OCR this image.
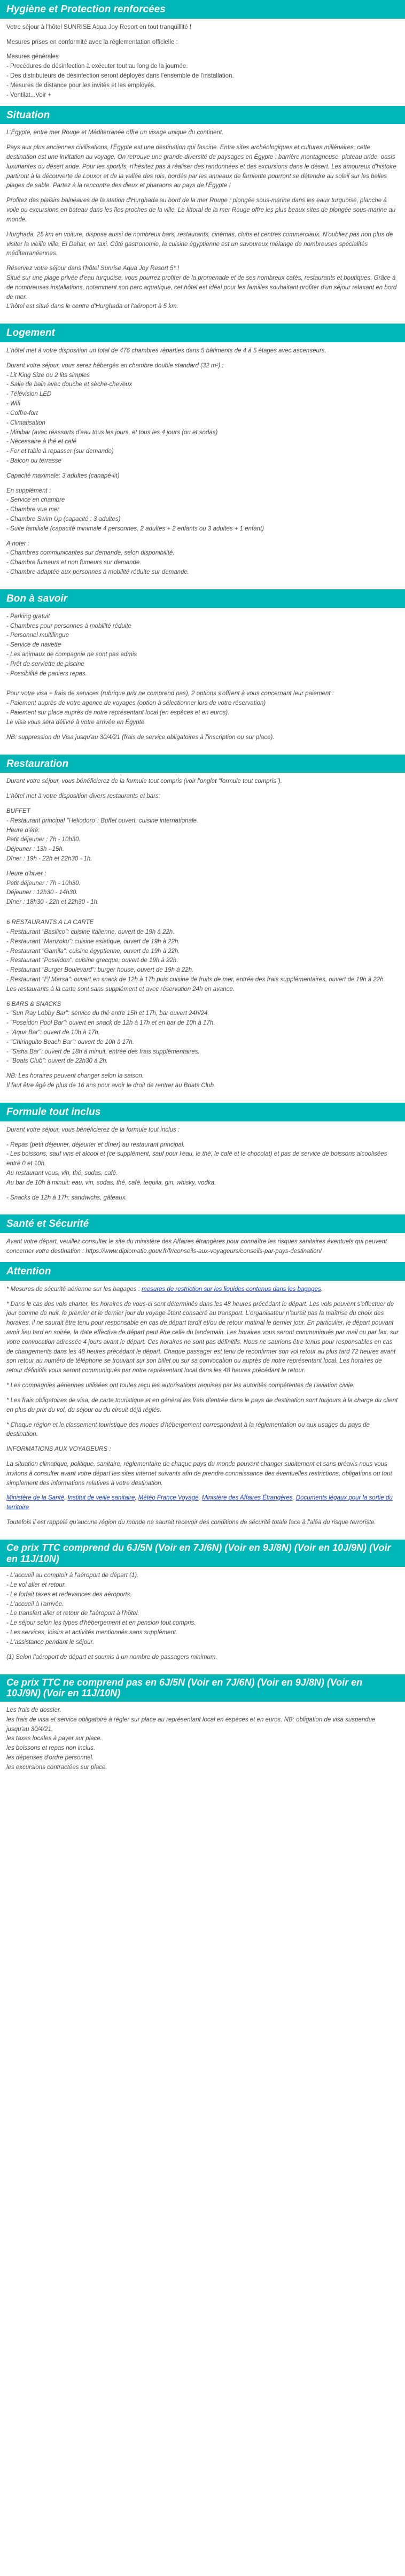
Hygiène et Protection renforcées

Votre séjour à l'hôtel SUNRISE Aqua Joy Resort en tout tranquillité !

Mesures prises en conformité avec la réglementation officielle :

Mesures générales
- Procédures de désinfection à exécuter tout au long de la journée.
- Des distributeurs de désinfection seront déployés dans l'ensemble de l'installation.
- Mesures de distance pour les invités et les employés.
- Ventilat...Voir +
Situation

L'Égypte, entre mer Rouge et Méditerranée offre un visage unique du continent.

Pays aux plus anciennes civilisations, l'Égypte est une destination qui fascine. Entre sites archéologiques et cultures millénaires, cette destination est une invitation au voyage. On retrouve une grande diversité de paysages en Égypte : barrière montagneuse, plateau aride, oasis luxuriantes ou désert aride. Pour les sportifs, n'hésitez pas à réaliser des randonnées et des excursions dans le désert. Les amoureux d'histoire partiront à la découverte de Louxor et de la vallée des rois, bordés par les anneaux de farniente pourront se détendre au soleil sur les belles plages de sable. Partez à la rencontre des dieux et pharaons au pays de l'Égypte !

Profitez des plaisirs balnéaires de la station d'Hurghada au bord de la mer Rouge : plongée sous-marine dans les eaux turquoise, planche à voile ou excursions en bateau dans les îles proches de la ville. Le littoral de la mer Rouge offre les plus beaux sites de plongée sous-marine au monde.

Hurghada, 25 km en voiture, dispose aussi de nombreux bars, restaurants, cinémas, clubs et centres commerciaux. N'oubliez pas non plus de visiter la vieille ville, El Dahar, en taxi. Côté gastronomie, la cuisine égyptienne est un savoureux mélange de nombreuses spécialités méditerranéennes.

Réservez votre séjour dans l'hôtel Sunrise Aqua Joy Resort 5* !
Situé sur une plage privée d'eau turquoise, vous pourrez profiter de la promenade et de ses nombreux cafés, restaurants et boutiques. Grâce à de nombreuses installations, notamment son parc aquatique, cet hôtel est idéal pour les familles souhaitant profiter d'un séjour relaxant en bord de mer.
L'hôtel est situé dans le centre d'Hurghada et l'aéroport à 5 km.
Logement

L'hôtel met à votre disposition un total de 476 chambres réparties dans 5 bâtiments de 4 à 5 étages avec ascenseurs.

Durant votre séjour, vous serez hébergés en chambre double standard (32 m²) :
- Lit King Size ou 2 lits simples
- Salle de bain avec douche et sèche-cheveux
- Télévision LED
- Wifi
- Coffre-fort
- Climatisation
- Minibar (avec réassorts d'eau tous les jours, et tous les 4 jours (ou et sodas)
- Nécessaire à thé et café
- Fer et table à repasser (sur demande)
- Balcon ou terrasse

Capacité maximale: 3 adultes (canapé-lit)

En supplément :
- Service en chambre
- Chambre vue mer
- Chambre Swim Up (capacité : 3 adultes)
- Suite familiale (capacité minimale 4 personnes, 2 adultes + 2 enfants ou 3 adultes + 1 enfant)

A noter :
- Chambres communicantes sur demande, selon disponibilité.
- Chambre fumeurs et non fumeurs sur demande.
- Chambre adaptée aux personnes à mobilité réduite sur demande.

Bon à savoir

- Parking gratuit
- Chambres pour personnes à mobilité réduite
- Personnel multilingue
- Service de navette
- Les animaux de compagnie ne sont pas admis
- Prêt de serviette de piscine
- Possibilité de paniers repas.

Pour votre visa + frais de services (rubrique prix ne comprend pas), 2 options s'offrent à vous concernant leur paiement :
- Paiement auprès de votre agence de voyages (option à sélectionner lors de votre réservation)
- Paiement sur place auprès de notre représentant local (en espèces et en euros).
Le visa vous sera délivré à votre arrivée en Égypte.

NB: suppression du Visa jusqu'au 30/4/21 (frais de service obligatoires à l'inscription ou sur place).

Restauration

Durant votre séjour, vous bénéficierez de la formule tout compris (voir l'onglet "formule tout compris").

L'hôtel met à votre disposition divers restaurants et bars:

BUFFET
- Restaurant principal "Heliodoro": Buffet ouvert, cuisine internationale.
Heure d'été:
Petit déjeuner : 7h - 10h30.
Déjeuner : 13h - 15h.
Dîner : 19h - 22h et 22h30 - 1h.

Heure d'hiver :
Petit déjeuner : 7h - 10h30.
Déjeuner : 12h30 - 14h30.
Dîner : 18h30 - 22h et 22h30 - 1h.

6 RESTAURANTS A LA CARTE
- Restaurant "Basilico": cuisine italienne, ouvert de 19h à 22h.
- Restaurant "Manzoku": cuisine asiatique, ouvert de 19h à 22h.
- Restaurant "Gamila": cuisine égyptienne, ouvert de 19h à 22h.
- Restaurant "Poseidon": cuisine grecque, ouvert de 19h à 22h.
- Restaurant "Burger Boulevard": burger house, ouvert de 19h à 22h.
- Restaurant "El Marsa": ouvert en snack de 12h à 17h puis cuisine de fruits de mer, entrée des frais supplémentaires, ouvert de 19h à 22h.
Les restaurants à la carte sont sans supplément et avec réservation 24h en avance.

6 BARS & SNACKS
- "Sun Ray Lobby Bar": service du thé entre 15h et 17h, bar ouvert 24h/24.
- "Poseidon Pool Bar": ouvert en snack de 12h à 17h et en bar de 10h à 17h.
- "Aqua Bar": ouvert de 10h à 17h.
- "Chiringuito Beach Bar": ouvert de 10h à 17h.
- "Sisha Bar": ouvert de 18h à minuit, entrée des frais supplémentaires.
- "Boats Club": ouvert de 22h30 à 2h.

NB: Les horaires peuvent changer selon la saison.
Il faut être âgé de plus de 16 ans pour avoir le droit de rentrer au Boats Club.

Formule tout inclus

Durant votre séjour, vous bénéficierez de la formule tout inclus :

- Repas (petit déjeuner, déjeuner et dîner) au restaurant principal.
- Les boissons, sauf vins et alcool et (ce supplément, sauf pour l'eau, le thé, le café et le chocolat) et pas de service de boissons alcoolisées entre 0 et 10h.
Au restaurant vous, vin, thé, sodas, café.
Au bar de 10h à minuit: eau, vin, sodas, thé, café, tequila, gin, whisky, vodka.

- Snacks de 12h à 17h: sandwichs, gâteaux.

Santé et Sécurité

Avant votre départ, veuillez consulter le site du ministère des Affaires étrangères pour connaître les risques sanitaires éventuels qui peuvent concerner votre destination : https://www.diplomatie.gouv.fr/fr/conseils-aux-voyageurs/conseils-par-pays-destination/

Attention

* Mesures de sécurité aérienne sur les bagages : mesures de restriction sur les liquides contenus dans les bagages.

* Dans le cas des vols charter, les horaires de vous-ci sont déterminés dans les 48 heures précédant le départ. Les vols peuvent s'effectuer de jour comme de nuit, le premier et le dernier jour du voyage étant consacré au transport. L'organisateur n'aurait pas la maîtrise du choix des horaires, il ne saurait être tenu pour responsable en cas de départ tardif et/ou de retour matinal le dernier jour. En particulier, le départ pouvant avoir lieu tard en soirée, la date effective de départ peut être celle du lendemain. Les horaires vous seront communiqués par mail ou par fax, sur votre convocation adressée 4 jours avant le départ. Ces horaires ne sont pas définitifs. Nous ne saurions être tenus pour responsables en cas de changements dans les 48 heures précédant le départ. Chaque passager est tenu de reconfirmer son vol retour au plus tard 72 heures avant son retour au numéro de téléphone se trouvant sur son billet ou sur sa convocation ou auprès de notre représentant local. Les horaires de retour définitifs vous seront communiqués par notre représentant local dans les 48 heures précédant le retour.

* Les compagnies aériennes utilisées ont toutes reçu les autorisations requises par les autorités compétentes de l'aviation civile.

* Les frais obligatoires de visa, de carte touristique et en général les frais d'entrée dans le pays de destination sont toujours à la charge du client en plus du prix du vol, du séjour ou du circuit déjà réglés.

* Chaque région et le classement touristique des modes d'hébergement correspondent à la réglementation ou aux usages du pays de destination.

INFORMATIONS AUX VOYAGEURS :

La situation climatique, politique, sanitaire, réglementaire de chaque pays du monde pouvant changer subitement et sans préavis nous vous invitons à consulter avant votre départ les sites internet suivants afin de prendre connaissance des éventuelles restrictions, obligations ou tout simplement des informations relatives à votre destination.

Ministère de la Santé, Institut de veille sanitaire, Météo France Voyage, Ministère des Affaires Étrangères, Documents légaux pour la sortie du territoire

Toutefois il est rappelé qu'aucune région du monde ne saurait recevoir des conditions de sécurité totale face à l'aléa du risque terroriste.

Ce prix TTC comprend du 6J/5N (Voir en 7J/6N) (Voir en 9J/8N) (Voir en 10J/9N) (Voir en 11J/10N)

- L'accueil au comptoir à l'aéroport de départ (1).
- Le vol aller et retour.
- Le forfait taxes et redevances des aéroports.
- L'accueil à l'arrivée.
- Le transfert aller et retour de l'aéroport à l'hôtel.
- Le séjour selon les types d'hébergement et en pension tout compris.
- Les services, loisirs et activités mentionnés sans supplément.
- L'assistance pendant le séjour.

(1) Selon l'aéroport de départ et soumis à un nombre de passagers minimum.

Ce prix TTC ne comprend pas en 6J/5N (Voir en 7J/6N) (Voir en 9J/8N) (Voir en 10J/9N) (Voir en 11J/10N)

Les frais de dossier.
les frais de visa et service obligatoire à régler sur place au représentant local en espèces et en euros. NB: obligation de visa suspendue jusqu'au 30/4/21.
les taxes locales à payer sur place.
les boissons et repas non inclus.
les dépenses d'ordre personnel.
les excursions contractées sur place.
